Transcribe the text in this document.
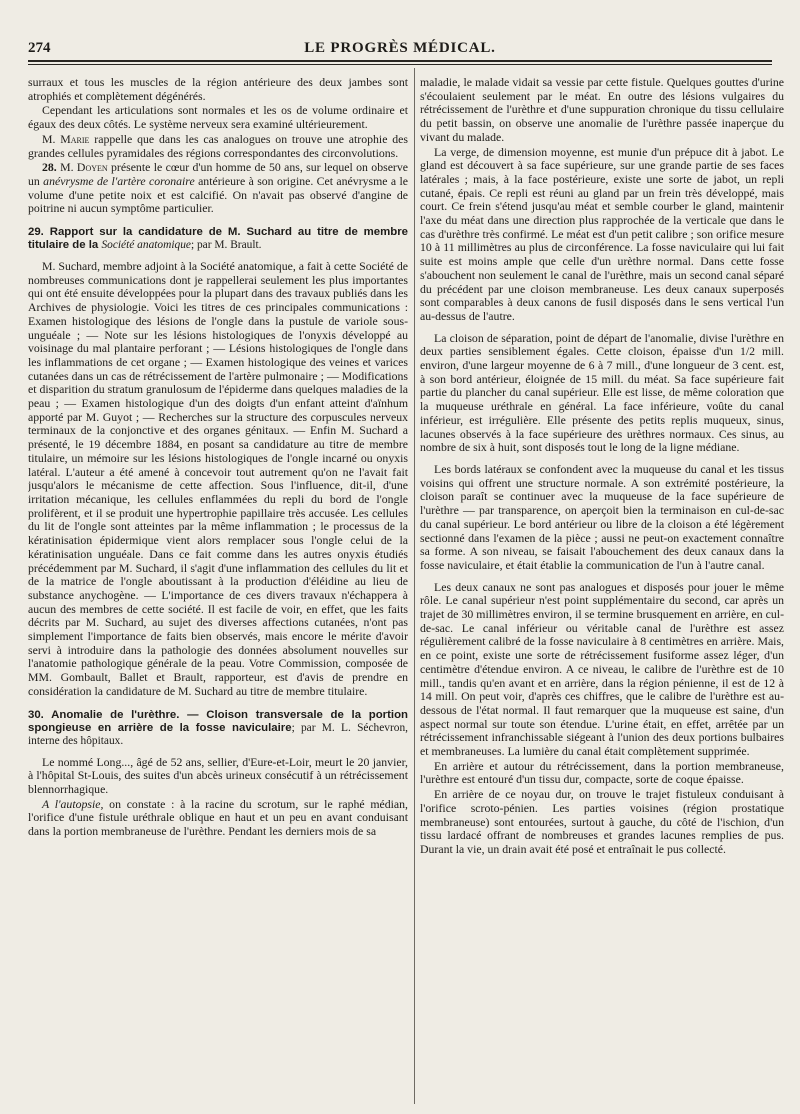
274	LE PROGRÈS MÉDICAL.

surraux et tous les muscles de la région antérieure des deux jambes sont atrophiés et complètement dégénérés.

Cependant les articulations sont normales et les os de volume ordinaire et égaux des deux côtés. Le système nerveux sera examiné ultérieurement.

M. Marie rappelle que dans les cas analogues on trouve une atrophie des grandes cellules pyramidales des régions correspondantes des circonvolutions.

28. M. Doyen présente le cœur d'un homme de 50 ans, sur lequel on observe un anévrysme de l'artère coronaire antérieure à son origine. Cet anévrysme a le volume d'une petite noix et est calcifié. On n'avait pas observé d'angine de poitrine ni aucun symptôme particulier.

29. Rapport sur la candidature de M. Suchard au titre de membre titulaire de la Société anatomique; par M. Brault.

M. Suchard, membre adjoint à la Société anatomique, a fait à cette Société de nombreuses communications dont je rappellerai seulement les plus importantes qui ont été ensuite développées pour la plupart dans des travaux publiés dans les Archives de physiologie. Voici les titres de ces principales communications : Examen histologique des lésions de l'ongle dans la pustule de variole sous-unguéale ; — Note sur les lésions histologiques de l'onyxis développé au voisinage du mal plantaire perforant ; — Lésions histologiques de l'ongle dans les inflammations de cet organe ; — Examen histologique des veines et varices cutanées dans un cas de rétrécissement de l'artère pulmonaire ; — Modifications et disparition du stratum granulosum de l'épiderme dans quelques maladies de la peau ; — Examen histologique d'un des doigts d'un enfant atteint d'aïnhum apporté par M. Guyot ; — Recherches sur la structure des corpuscules nerveux terminaux de la conjonctive et des organes génitaux. — Enfin M. Suchard a présenté, le 19 décembre 1884, en posant sa candidature au titre de membre titulaire, un mémoire sur les lésions histologiques de l'ongle incarné ou onyxis latéral. L'auteur a été amené à concevoir tout autrement qu'on ne l'avait fait jusqu'alors le mécanisme de cette affection. Sous l'influence, dit-il, d'une irritation mécanique, les cellules enflammées du repli du bord de l'ongle prolifèrent, et il se produit une hypertrophie papillaire très accusée. Les cellules du lit de l'ongle sont atteintes par la même inflammation ; le processus de la kératinisation épidermique vient alors remplacer sous l'ongle celui de la kératinisation unguéale. Dans ce fait comme dans les autres onyxis étudiés précédemment par M. Suchard, il s'agit d'une inflammation des cellules du lit et de la matrice de l'ongle aboutissant à la production d'éléidine au lieu de substance anychogène. — L'importance de ces divers travaux n'échappera à aucun des membres de cette société. Il est facile de voir, en effet, que les faits décrits par M. Suchard, au sujet des diverses affections cutanées, n'ont pas simplement l'importance de faits bien observés, mais encore le mérite d'avoir servi à introduire dans la pathologie des données absolument nouvelles sur l'anatomie pathologique générale de la peau. Votre Commission, composée de MM. Gombault, Ballet et Brault, rapporteur, est d'avis de prendre en considération la candidature de M. Suchard au titre de membre titulaire.

30. Anomalie de l'urèthre. — Cloison transversale de la portion spongieuse en arrière de la fosse naviculaire; par M. L. Séchevron, interne des hôpitaux.

Le nommé Long..., âgé de 52 ans, sellier, d'Eure-et-Loir, meurt le 20 janvier, à l'hôpital St-Louis, des suites d'un abcès urineux consécutif à un rétrécissement blennorrhagique.

A l'autopsie, on constate : à la racine du scrotum, sur le raphé médian, l'orifice d'une fistule uréthrale oblique en haut et un peu en avant conduisant dans la portion membraneuse de l'urèthre. Pendant les derniers mois de sa

maladie, le malade vidait sa vessie par cette fistule. Quelques gouttes d'urine s'écoulaient seulement par le méat. En outre des lésions vulgaires du rétrécissement de l'urèthre et d'une suppuration chronique du tissu cellulaire du petit bassin, on observe une anomalie de l'urèthre passée inaperçue du vivant du malade.

La verge, de dimension moyenne, est munie d'un prépuce dit à jabot. Le gland est découvert à sa face supérieure, sur une grande partie de ses faces latérales ; mais, à la face postérieure, existe une sorte de jabot, un repli cutané, épais. Ce repli est réuni au gland par un frein très développé, mais court. Ce frein s'étend jusqu'au méat et semble courber le gland, maintenir l'axe du méat dans une direction plus rapprochée de la verticale que dans le cas d'urèthre très confirmé. Le méat est d'un petit calibre ; son orifice mesure 10 à 11 millimètres au plus de circonférence. La fosse naviculaire qui lui fait suite est moins ample que celle d'un urèthre normal. Dans cette fosse s'abouchent non seulement le canal de l'urèthre, mais un second canal séparé du précédent par une cloison membraneuse. Les deux canaux superposés sont comparables à deux canons de fusil disposés dans le sens vertical l'un au-dessus de l'autre.

La cloison de séparation, point de départ de l'anomalie, divise l'urèthre en deux parties sensiblement égales. Cette cloison, épaisse d'un 1/2 mill. environ, d'une largeur moyenne de 6 à 7 mill., d'une longueur de 3 cent. est, à son bord antérieur, éloignée de 15 mill. du méat. Sa face supérieure fait partie du plancher du canal supérieur. Elle est lisse, de même coloration que la muqueuse uréthrale en général. La face inférieure, voûte du canal inférieur, est irrégulière. Elle présente des petits replis muqueux, sinus, lacunes observés à la face supérieure des urèthres normaux. Ces sinus, au nombre de six à huit, sont disposés tout le long de la ligne médiane.

Les bords latéraux se confondent avec la muqueuse du canal et les tissus voisins qui offrent une structure normale. A son extrémité postérieure, la cloison paraît se continuer avec la muqueuse de la face supérieure de l'urèthre — par transparence, on aperçoit bien la terminaison en cul-de-sac du canal supérieur. Le bord antérieur ou libre de la cloison a été légèrement sectionné dans l'examen de la pièce ; aussi ne peut-on exactement connaître sa forme. A son niveau, se faisait l'abouchement des deux canaux dans la fosse naviculaire, et était établie la communication de l'un à l'autre canal.

Les deux canaux ne sont pas analogues et disposés pour jouer le même rôle. Le canal supérieur n'est point supplémentaire du second, car après un trajet de 30 millimètres environ, il se termine brusquement en arrière, en cul-de-sac. Le canal inférieur ou véritable canal de l'urèthre est assez régulièrement calibré de la fosse naviculaire à 8 centimètres en arrière. Mais, en ce point, existe une sorte de rétrécissement fusiforme assez léger, d'un centimètre d'étendue environ. A ce niveau, le calibre de l'urèthre est de 10 mill., tandis qu'en avant et en arrière, dans la région pénienne, il est de 12 à 14 mill. On peut voir, d'après ces chiffres, que le calibre de l'urèthre est au-dessous de l'état normal. Il faut remarquer que la muqueuse est saine, d'un aspect normal sur toute son étendue. L'urine était, en effet, arrêtée par un rétrécissement infranchissable siégeant à l'union des deux portions bulbaires et membraneuses. La lumière du canal était complètement supprimée.

En arrière et autour du rétrécissement, dans la portion membraneuse, l'urèthre est entouré d'un tissu dur, compacte, sorte de coque épaisse.

En arrière de ce noyau dur, on trouve le trajet fistuleux conduisant à l'orifice scroto-pénien. Les parties voisines (région prostatique membraneuse) sont entourées, surtout à gauche, du côté de l'ischion, d'un tissu lardacé offrant de nombreuses et grandes lacunes remplies de pus. Durant la vie, un drain avait été posé et entraînait le pus collecté.
